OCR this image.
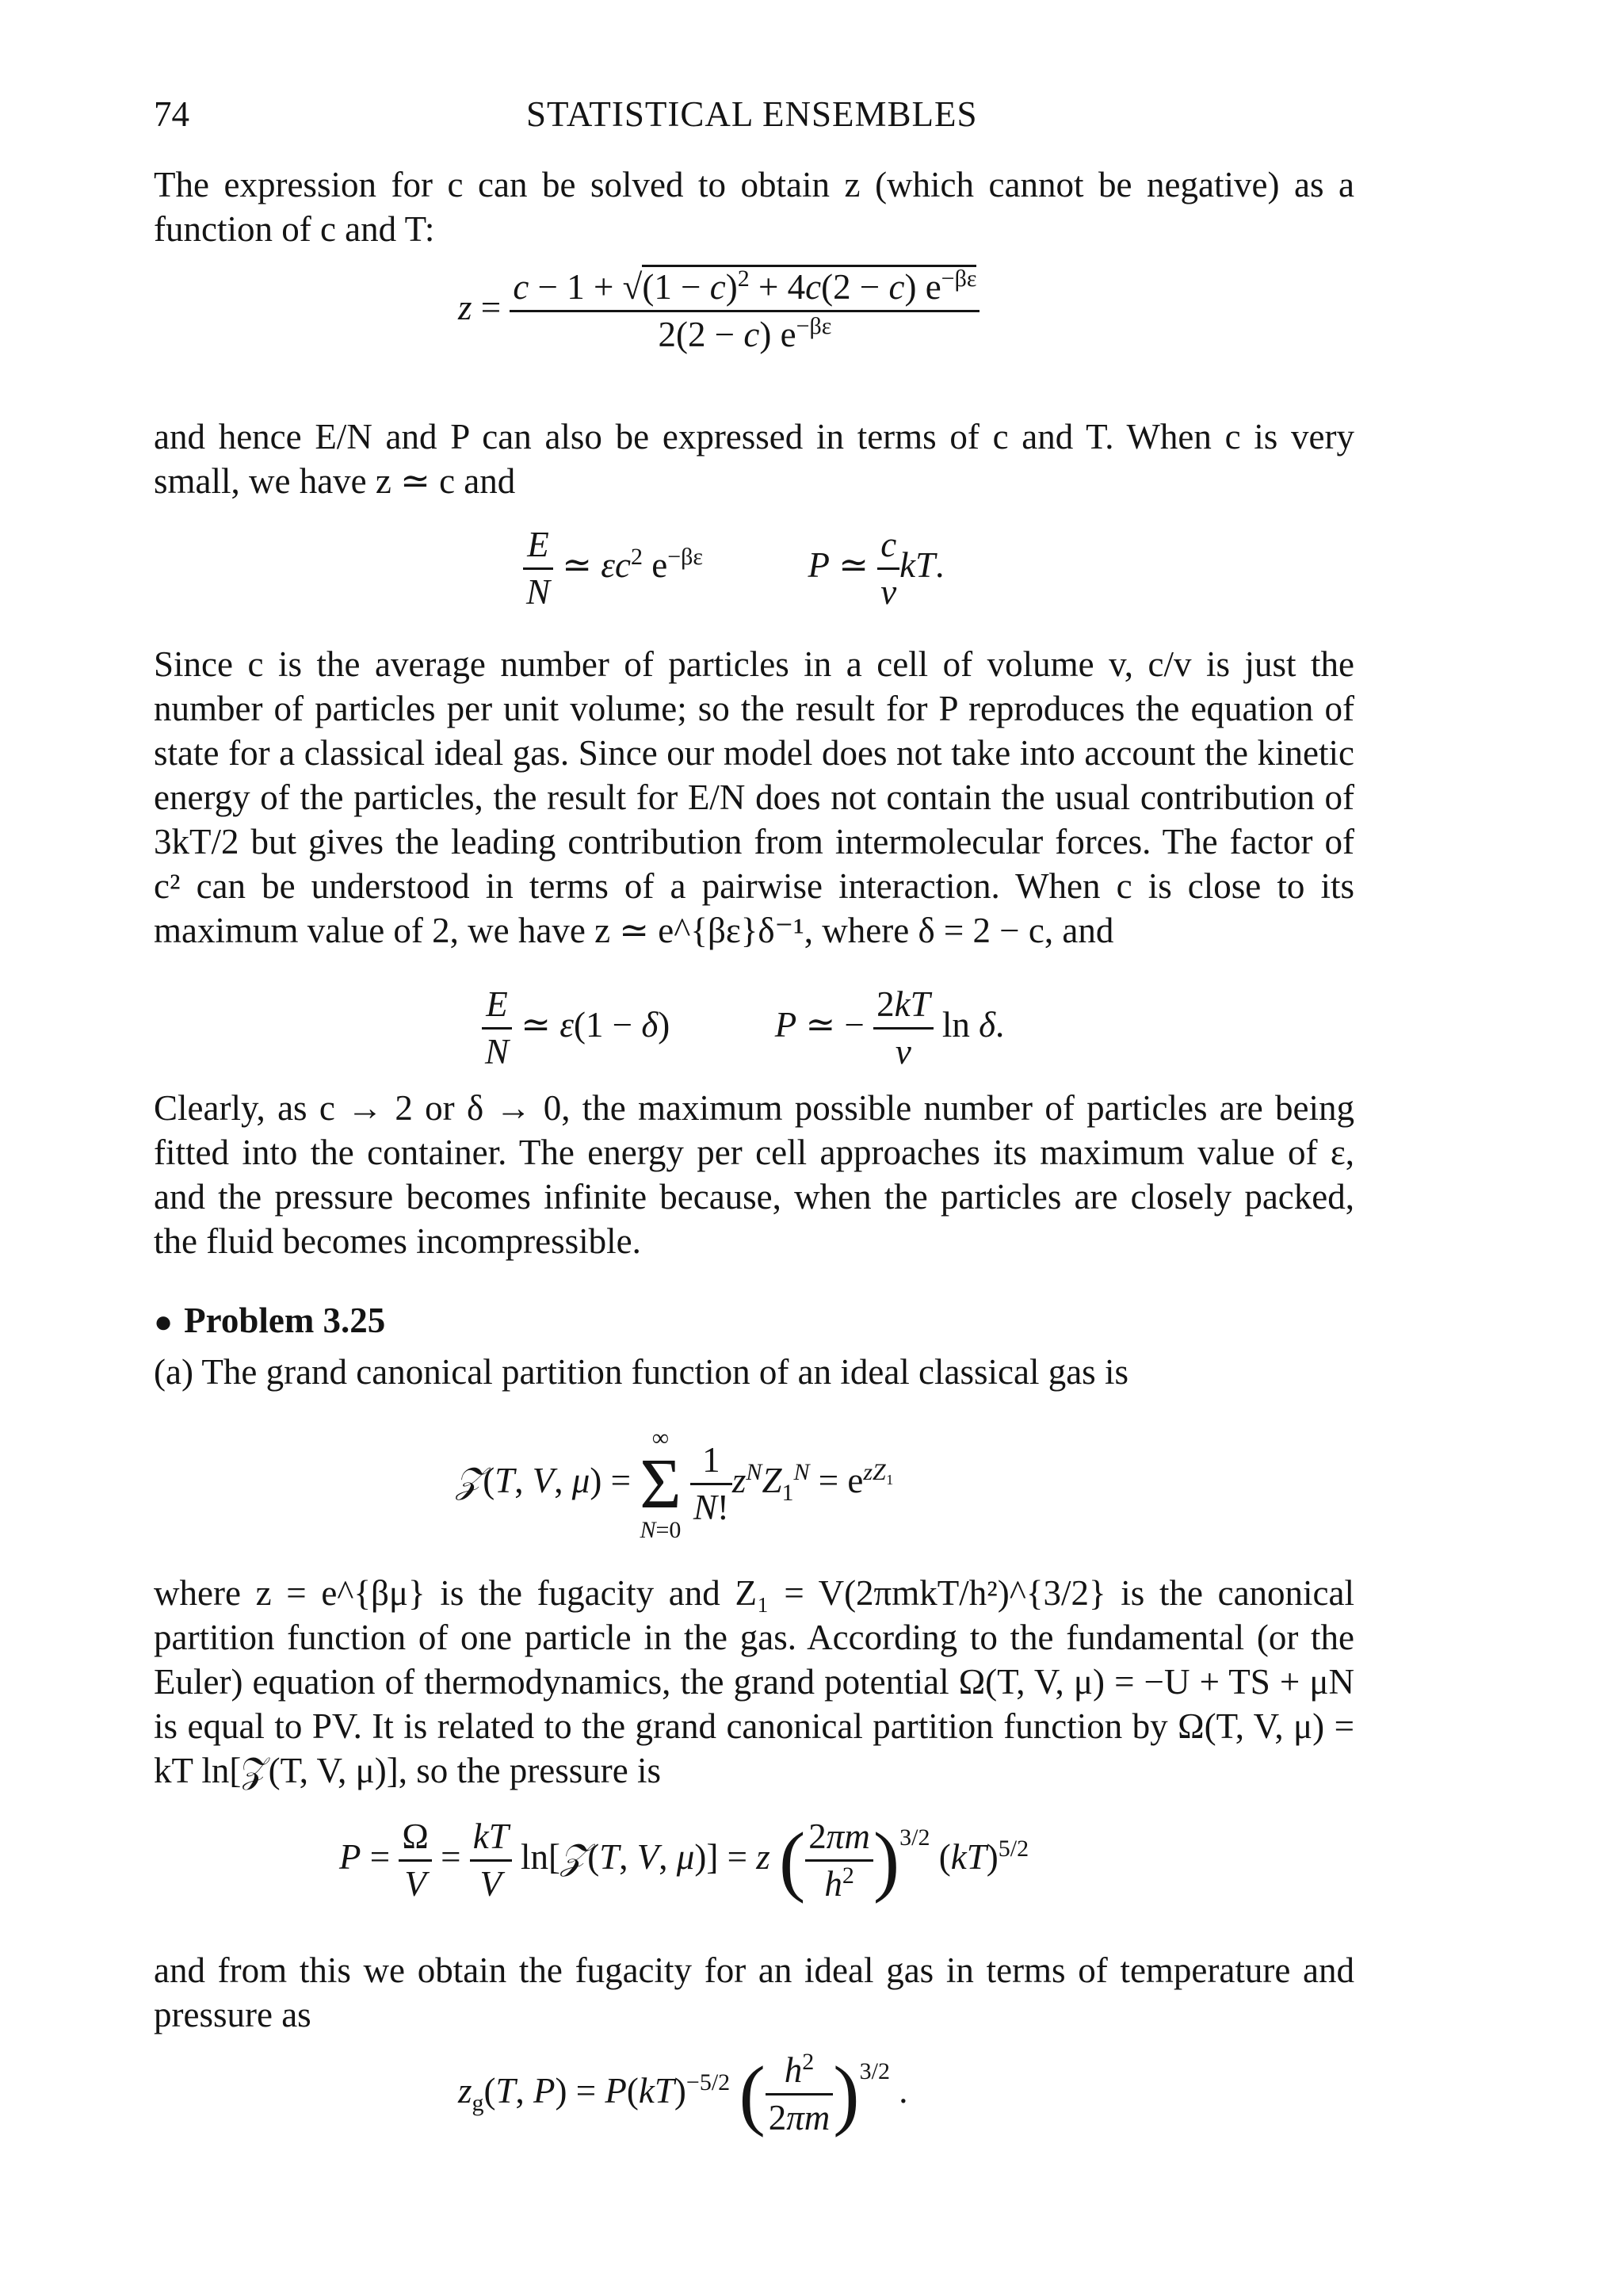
74	STATISTICAL ENSEMBLES

The expression for c can be solved to obtain z (which cannot be negative) as a function of c and T:

$z = \frac{c - 1 + √(1 - c)^2 + 4c(2 - c) e^{-\beta\varepsilon}}{2(2 - c) e^{-\beta\varepsilon}}$

and hence E/N and P can also be expressed in terms of c and T. When c is very small, we have z ≃ c and

$\frac{E}{N}$ ≃ $\varepsilon c^2$ $e^{-\beta\varepsilon}$	P ≃ $\frac{c}{v}$ kT.

Since c is the average number of particles in a cell of volume v, c/v is just the number of particles per unit volume; so the result for P reproduces the equation of state for a classical ideal gas. Since our model does not take into account the kinetic energy of the particles, the result for E/N does not contain the usual contribution of 3kT/2 but gives the leading contribution from intermolecular forces. The factor of c² can be understood in terms of a pairwise interaction. When c is close to its maximum value of 2, we have z ≃ e^{βε}δ⁻¹, where δ = 2 − c, and

$\frac{E}{N}$ ≃ ε(1 − δ)	P ≃ − $\frac{2kT}{v}$ ln δ.

Clearly, as c → 2 or δ → 0, the maximum possible number of particles are being fitted into the container. The energy per cell approaches its maximum value of ε, and the pressure becomes infinite because, when the particles are closely packed, the fluid becomes incompressible.

● Problem 3.25

(a) The grand canonical partition function of an ideal classical gas is

𝒵(T, V, μ) =
∞
Σ
N=0

$\frac{1}{N!} z^NZ_1^N = e^{zZ_1}$

where z = e^{βμ} is the fugacity and Z₁ = V(2πmkT/h²)^{3/2} is the canonical partition function of one particle in the gas. According to the fundamental (or the Euler) equation of thermodynamics, the grand potential Ω(T, V, μ) = −U + TS + μN is equal to PV. It is related to the grand canonical partition function by Ω(T, V, μ) = kT ln[𝒵(T, V, μ)], so the pressure is

$P = \frac{\Omega}{V} = \frac{kT}{V}$ ln[𝒵(T, V, μ)] = z ( $\frac{2\pi m}{h^2} )^{3/2}$ (kT)$^{5/2}$

and from this we obtain the fugacity for an ideal gas in terms of temperature and pressure as

$z_g(T$, P) = P(kT)$^{-5/2}$ ( $\frac{h^2}{2\pi m} )^{3/2}$ .
